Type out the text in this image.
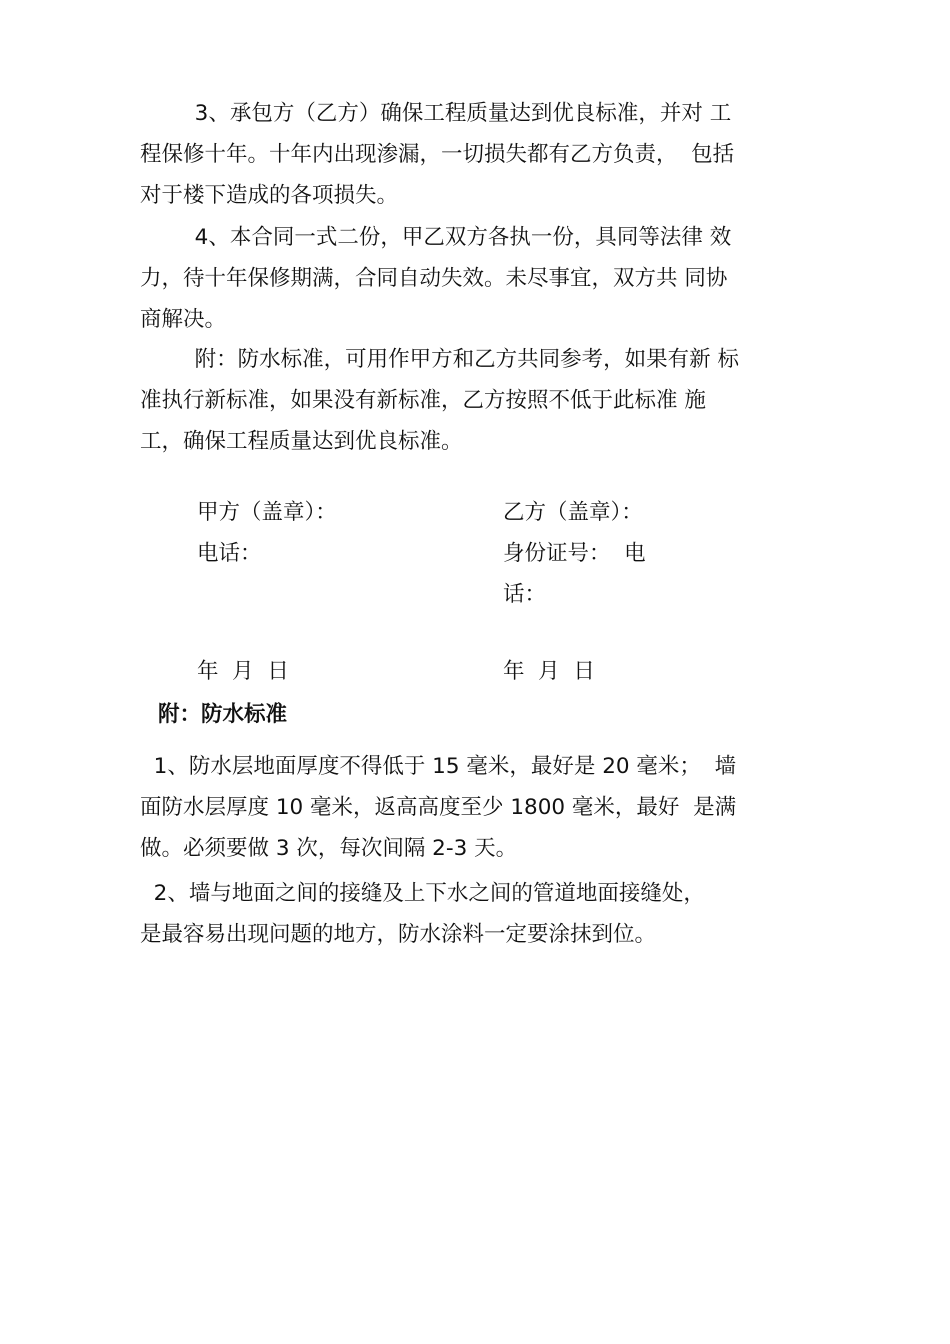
3、承包方（乙方）确保工程质量达到优良标准，并对 工
程保修十年。十年内出现渗漏，一切损失都有乙方负责，  包括
对于楼下造成的各项损失。

4、本合同一式二份，甲乙双方各执一份，具同等法律 效
力，待十年保修期满，合同自动失效。未尽事宜，双方共 同协
商解决。

附：防水标准，可用作甲方和乙方共同参考，如果有新 标
准执行新标准，如果没有新标准，乙方按照不低于此标准 施
工，确保工程质量达到优良标准。

甲方（盖章）：
电话：
年  月  日
乙方（盖章）：
身份证号：  电
话：
年  月  日
附：防水标准

1、防水层地面厚度不得低于 15 毫米，最好是 20 毫米；  墙
面防水层厚度 10 毫米，返高高度至少 1800 毫米，最好  是满
做。必须要做 3 次，每次间隔 2-3 天。

2、墙与地面之间的接缝及上下水之间的管道地面接缝处，
是最容易出现问题的地方，防水涂料一定要涂抹到位。
